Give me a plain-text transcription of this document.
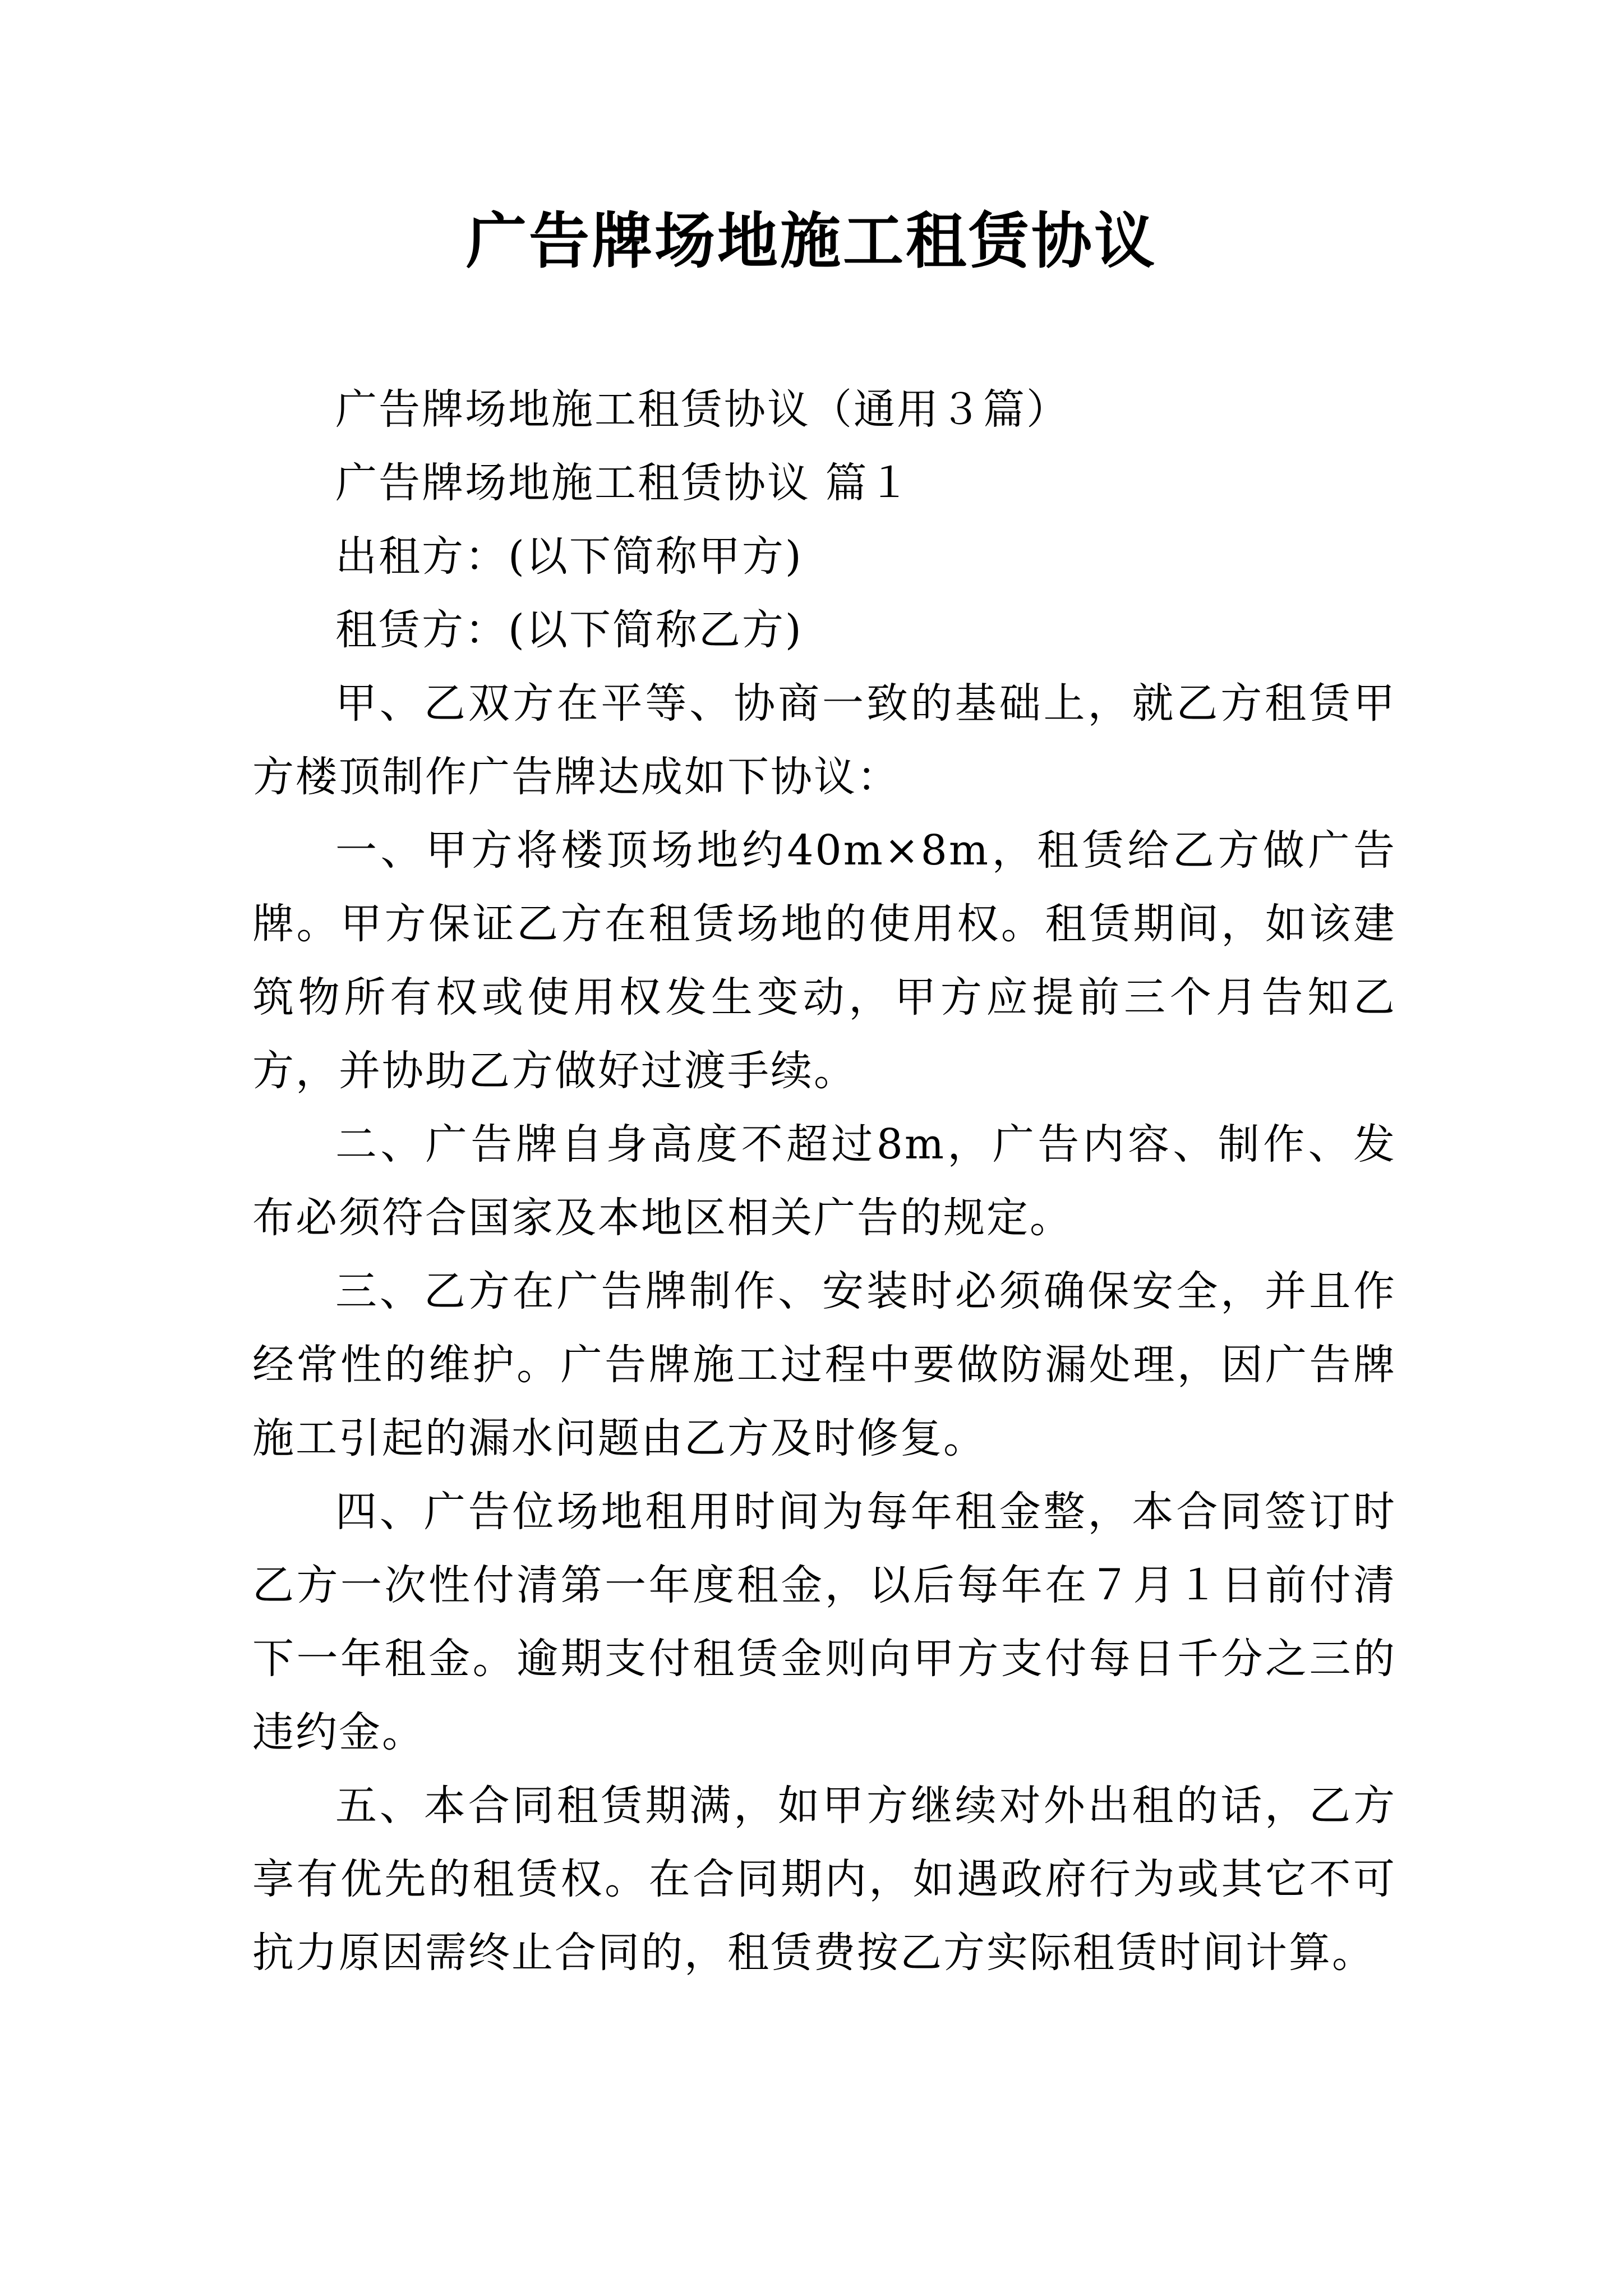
广告牌场地施工租赁协议

广告牌场地施工租赁协议（通用３篇）

广告牌场地施工租赁协议 篇１

出租方：(以下简称甲方)

租赁方：(以下简称乙方)

甲、乙双方在平等、协商一致的基础上，就乙方租赁甲方楼顶制作广告牌达成如下协议：

一、甲方将楼顶场地约40m×8m，租赁给乙方做广告牌。甲方保证乙方在租赁场地的使用权。租赁期间，如该建筑物所有权或使用权发生变动，甲方应提前三个月告知乙方，并协助乙方做好过渡手续。

二、广告牌自身高度不超过8m，广告内容、制作、发布必须符合国家及本地区相关广告的规定。

三、乙方在广告牌制作、安装时必须确保安全，并且作经常性的维护。广告牌施工过程中要做防漏处理，因广告牌施工引起的漏水问题由乙方及时修复。

四、广告位场地租用时间为每年租金整，本合同签订时乙方一次性付清第一年度租金，以后每年在７月１日前付清下一年租金。逾期支付租赁金则向甲方支付每日千分之三的违约金。

五、本合同租赁期满，如甲方继续对外出租的话，乙方享有优先的租赁权。在合同期内，如遇政府行为或其它不可抗力原因需终止合同的，租赁费按乙方实际租赁时间计算。
